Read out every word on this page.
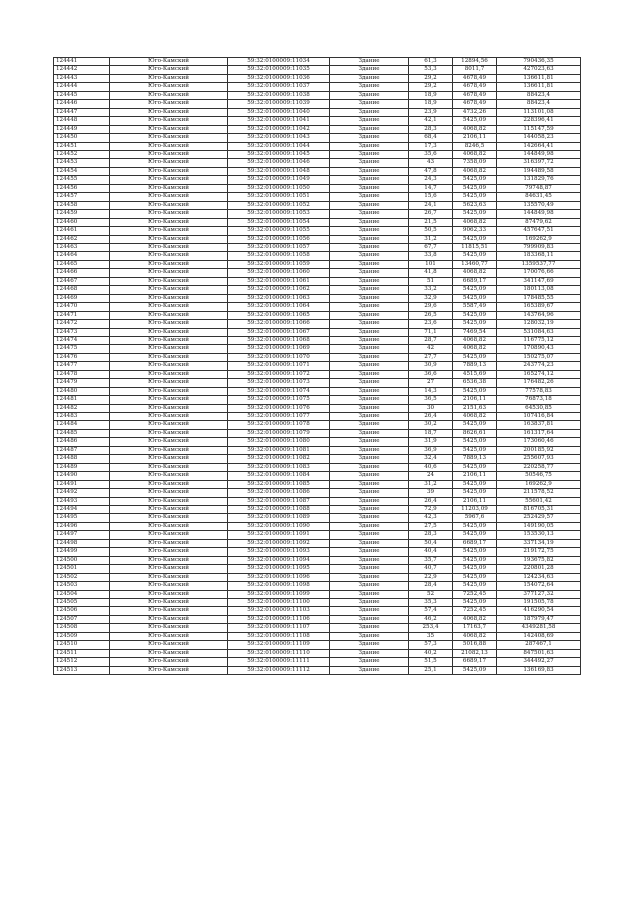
124441	Юго-Камский	59:32:0100009:11034	Здание	61,3	12894,56	790436,35
124442	Юго-Камский	59:32:0100009:11035	Здание	53,3	8011,7	427023,63
124443	Юго-Камский	59:32:0100009:11036	Здание	29,2	4678,49	136611,81
124444	Юго-Камский	59:32:0100009:11037	Здание	29,2	4678,49	136611,81
124445	Юго-Камский	59:32:0100009:11038	Здание	18,9	4678,49	88423,4
124446	Юго-Камский	59:32:0100009:11039	Здание	18,9	4678,49	88423,4
124447	Юго-Камский	59:32:0100009:11040	Здание	23,9	4732,26	113101,08
124448	Юго-Камский	59:32:0100009:11041	Здание	42,1	5425,09	228396,41
124449	Юго-Камский	59:32:0100009:11042	Здание	28,3	4068,82	115147,59
124450	Юго-Камский	59:32:0100009:11043	Здание	68,4	2106,11	144058,23
124451	Юго-Камский	59:32:0100009:11044	Здание	17,3	8246,5	142664,41
124452	Юго-Камский	59:32:0100009:11045	Здание	35,6	4068,82	144849,98
124453	Юго-Камский	59:32:0100009:11046	Здание	43	7358,09	316397,72
124454	Юго-Камский	59:32:0100009:11048	Здание	47,8	4068,82	194489,58
124455	Юго-Камский	59:32:0100009:11049	Здание	24,3	5425,09	131829,76
124456	Юго-Камский	59:32:0100009:11050	Здание	14,7	5425,09	79748,87
124457	Юго-Камский	59:32:0100009:11051	Здание	15,6	5425,09	84631,45
124458	Юго-Камский	59:32:0100009:11052	Здание	24,1	5623,63	135570,49
124459	Юго-Камский	59:32:0100009:11053	Здание	26,7	5425,09	144849,98
124460	Юго-Камский	59:32:0100009:11054	Здание	21,5	4068,82	87479,62
124461	Юго-Камский	59:32:0100009:11055	Здание	50,5	9062,33	457647,51
124462	Юго-Камский	59:32:0100009:11056	Здание	31,2	5425,09	169262,9
124463	Юго-Камский	59:32:0100009:11057	Здание	67,7	11815,51	799909,83
124464	Юго-Камский	59:32:0100009:11058	Здание	33,8	5425,09	183368,11
124465	Юго-Камский	59:32:0100009:11059	Здание	101	13460,77	1359537,77
124466	Юго-Камский	59:32:0100009:11060	Здание	41,8	4068,82	170076,66
124467	Юго-Камский	59:32:0100009:11061	Здание	51	6689,17	341147,69
124468	Юго-Камский	59:32:0100009:11062	Здание	33,2	5425,09	180113,08
124469	Юго-Камский	59:32:0100009:11063	Здание	32,9	5425,09	178485,55
124470	Юго-Камский	59:32:0100009:11064	Здание	29,6	5587,49	165389,67
124471	Юго-Камский	59:32:0100009:11065	Здание	26,5	5425,09	143764,96
124472	Юго-Камский	59:32:0100009:11066	Здание	23,6	5425,09	128032,19
124473	Юго-Камский	59:32:0100009:11067	Здание	71,1	7469,54	531084,63
124474	Юго-Камский	59:32:0100009:11068	Здание	28,7	4068,82	116775,12
124475	Юго-Камский	59:32:0100009:11069	Здание	42	4068,82	170890,43
124476	Юго-Камский	59:32:0100009:11070	Здание	27,7	5425,09	150275,07
124477	Юго-Камский	59:32:0100009:11071	Здание	30,9	7889,13	243774,23
124478	Юго-Камский	59:32:0100009:11072	Здание	36,6	4515,69	165274,12
124479	Юго-Камский	59:32:0100009:11073	Здание	27	6536,38	176482,26
124480	Юго-Камский	59:32:0100009:11074	Здание	14,3	5425,09	77578,83
124481	Юго-Камский	59:32:0100009:11075	Здание	36,5	2106,11	76873,18
124482	Юго-Камский	59:32:0100009:11076	Здание	30	2151,63	64530,85
124483	Юго-Камский	59:32:0100009:11077	Здание	26,4	4068,82	107416,84
124484	Юго-Камский	59:32:0100009:11078	Здание	30,2	5425,09	163837,81
124485	Юго-Камский	59:32:0100009:11079	Здание	18,7	8626,61	161317,64
124486	Юго-Камский	59:32:0100009:11080	Здание	31,9	5425,09	173060,46
124487	Юго-Камский	59:32:0100009:11081	Здание	36,9	5425,09	200185,92
124488	Юго-Камский	59:32:0100009:11082	Здание	32,4	7889,13	255607,93
124489	Юго-Камский	59:32:0100009:11083	Здание	40,6	5425,09	220258,77
124490	Юго-Камский	59:32:0100009:11084	Здание	24	2106,11	50546,75
124491	Юго-Камский	59:32:0100009:11085	Здание	31,2	5425,09	169262,9
124492	Юго-Камский	59:32:0100009:11086	Здание	39	5425,09	211578,52
124493	Юго-Камский	59:32:0100009:11087	Здание	26,4	2106,11	55601,42
124494	Юго-Камский	59:32:0100009:11088	Здание	72,9	11203,09	816705,31
124495	Юго-Камский	59:32:0100009:11089	Здание	42,3	5967,6	252429,57
124496	Юго-Камский	59:32:0100009:11090	Здание	27,5	5425,09	149190,05
124497	Юго-Камский	59:32:0100009:11091	Здание	28,3	5425,09	153530,13
124498	Юго-Камский	59:32:0100009:11092	Здание	50,4	6689,17	337134,19
124499	Юго-Камский	59:32:0100009:11093	Здание	40,4	5425,09	219172,75
124500	Юго-Камский	59:32:0100009:11094	Здание	35,7	5425,09	193675,82
124501	Юго-Камский	59:32:0100009:11095	Здание	40,7	5425,09	220801,28
124502	Юго-Камский	59:32:0100009:11096	Здание	22,9	5425,09	124234,63
124503	Юго-Камский	59:32:0100009:11098	Здание	28,4	5425,09	154072,64
124504	Юго-Камский	59:32:0100009:11099	Здание	52	7252,45	377127,32
124505	Юго-Камский	59:32:0100009:11100	Здание	35,3	5425,09	191505,78
124506	Юго-Камский	59:32:0100009:11103	Здание	57,4	7252,45	416290,54
124507	Юго-Камский	59:32:0100009:11106	Здание	46,2	4068,82	187979,47
124508	Юго-Камский	59:32:0100009:11107	Здание	253,4	17163,7	4349281,58
124509	Юго-Камский	59:32:0100009:11108	Здание	35	4068,82	142408,69
124510	Юго-Камский	59:32:0100009:11109	Здание	57,3	5016,88	287467,1
124511	Юго-Камский	59:32:0100009:11110	Здание	40,2	21082,13	847501,63
124512	Юго-Камский	59:32:0100009:11111	Здание	51,5	6689,17	344492,27
124513	Юго-Камский	59:32:0100009:11112	Здание	25,1	5425,09	136169,83
